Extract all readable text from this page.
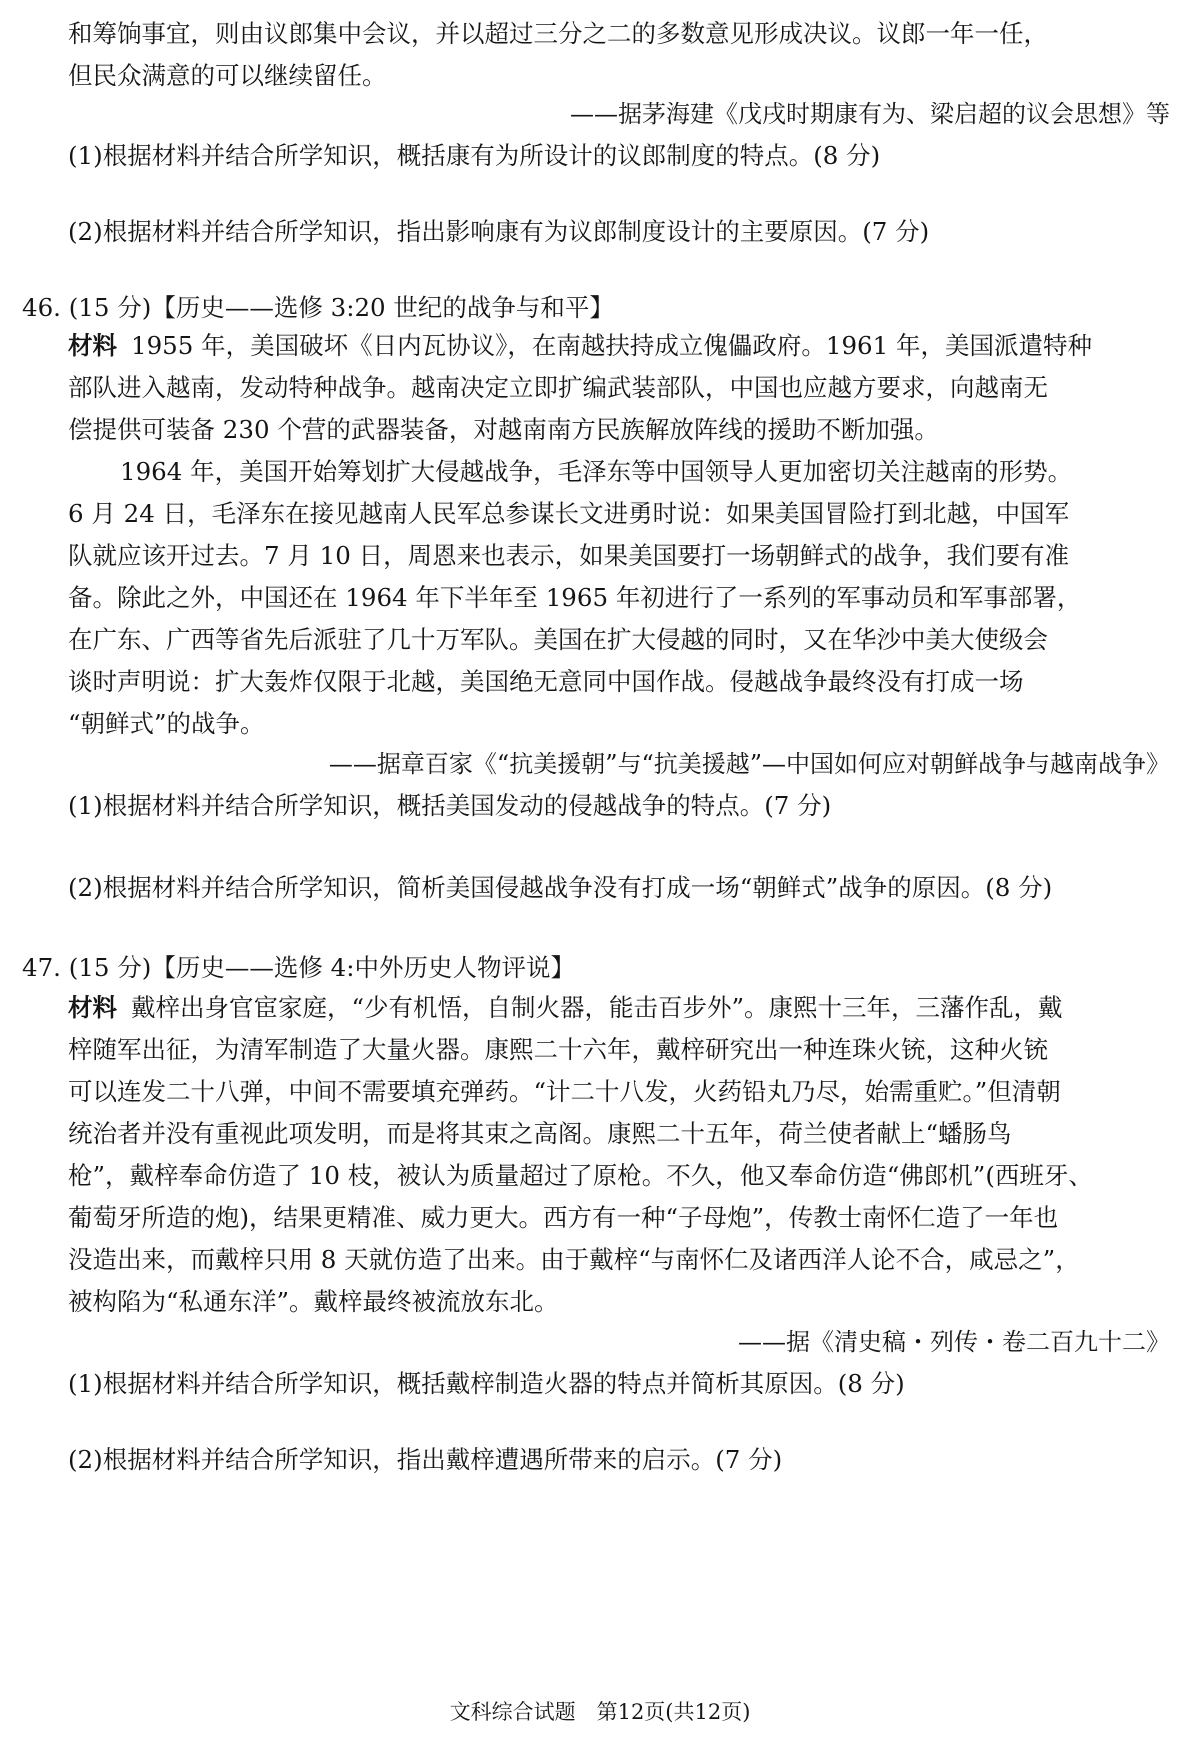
和筹饷事宜，则由议郎集中会议，并以超过三分之二的多数意见形成决议。议郎一年一任，
但民众满意的可以继续留任。
——据茅海建《戊戌时期康有为、梁启超的议会思想》等
(1)根据材料并结合所学知识，概括康有为所设计的议郎制度的特点。(8 分)
(2)根据材料并结合所学知识，指出影响康有为议郎制度设计的主要原因。(7 分)
46. (15 分)【历史——选修 3:20 世纪的战争与和平】
材料 1955 年，美国破坏《日内瓦协议》，在南越扶持成立傀儡政府。1961 年，美国派遣特种
部队进入越南，发动特种战争。越南决定立即扩编武装部队，中国也应越方要求，向越南无
偿提供可装备 230 个营的武器装备，对越南南方民族解放阵线的援助不断加强。
1964 年，美国开始筹划扩大侵越战争，毛泽东等中国领导人更加密切关注越南的形势。
6 月 24 日，毛泽东在接见越南人民军总参谋长文进勇时说：如果美国冒险打到北越，中国军
队就应该开过去。7 月 10 日，周恩来也表示，如果美国要打一场朝鲜式的战争，我们要有准
备。除此之外，中国还在 1964 年下半年至 1965 年初进行了一系列的军事动员和军事部署，
在广东、广西等省先后派驻了几十万军队。美国在扩大侵越的同时，又在华沙中美大使级会
谈时声明说：扩大轰炸仅限于北越，美国绝无意同中国作战。侵越战争最终没有打成一场
“朝鲜式”的战争。
——据章百家《“抗美援朝”与“抗美援越”—中国如何应对朝鲜战争与越南战争》
(1)根据材料并结合所学知识，概括美国发动的侵越战争的特点。(7 分)
(2)根据材料并结合所学知识，简析美国侵越战争没有打成一场“朝鲜式”战争的原因。(8 分)
47. (15 分)【历史——选修 4:中外历史人物评说】
材料 戴梓出身官宦家庭，“少有机悟，自制火器，能击百步外”。康熙十三年，三藩作乱，戴
梓随军出征，为清军制造了大量火器。康熙二十六年，戴梓研究出一种连珠火铳，这种火铳
可以连发二十八弹，中间不需要填充弹药。“计二十八发，火药铅丸乃尽，始需重贮。”但清朝
统治者并没有重视此项发明，而是将其束之高阁。康熙二十五年，荷兰使者献上“蟠肠鸟
枪”，戴梓奉命仿造了 10 枝，被认为质量超过了原枪。不久，他又奉命仿造“佛郎机”(西班牙、
葡萄牙所造的炮)，结果更精准、威力更大。西方有一种“子母炮”，传教士南怀仁造了一年也
没造出来，而戴梓只用 8 天就仿造了出来。由于戴梓“与南怀仁及诸西洋人论不合，咸忌之”，
被构陷为“私通东洋”。戴梓最终被流放东北。
——据《清史稿・列传・卷二百九十二》
(1)根据材料并结合所学知识，概括戴梓制造火器的特点并简析其原因。(8 分)
(2)根据材料并结合所学知识，指出戴梓遭遇所带来的启示。(7 分)
文科综合试题　第12页(共12页)
